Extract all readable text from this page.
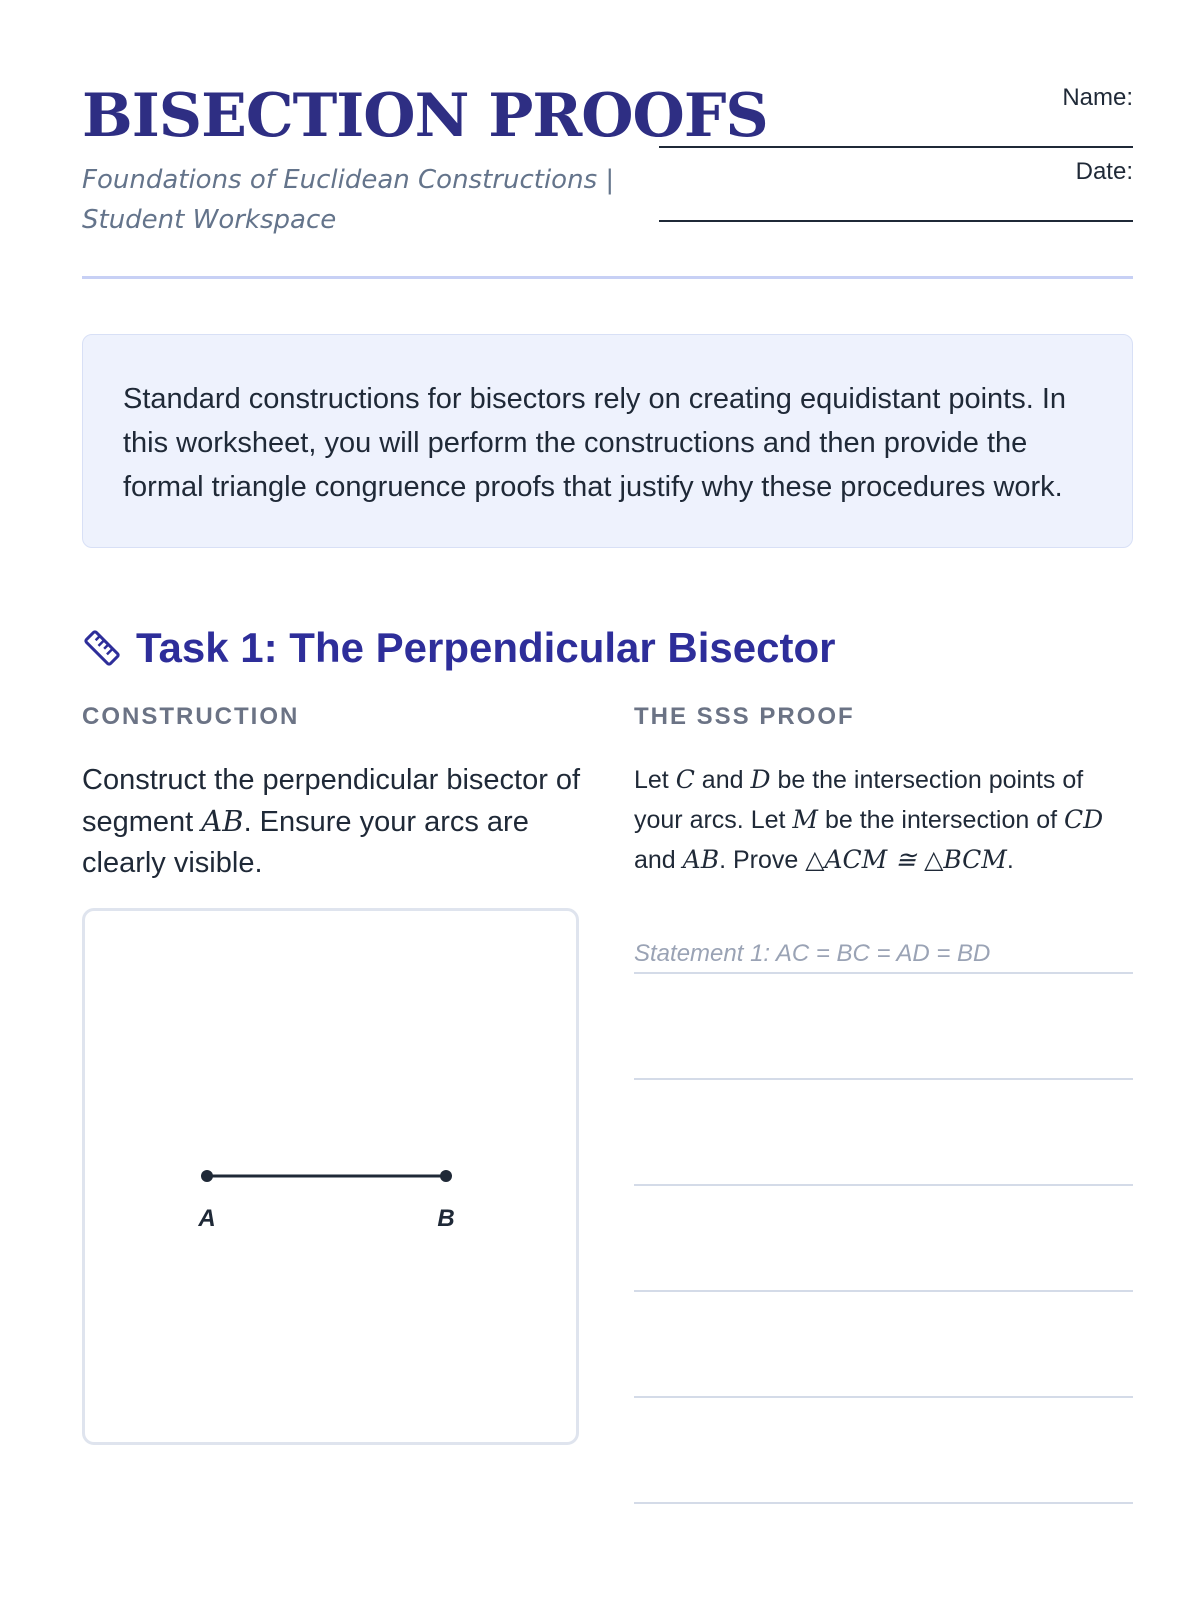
BISECTION PROOFS
Foundations of Euclidean Constructions | Student Workspace
Name:
Date:
Standard constructions for bisectors rely on creating equidistant points. In this worksheet, you will perform the constructions and then provide the formal triangle congruence proofs that justify why these procedures work.
Task 1: The Perpendicular Bisector
CONSTRUCTION	THE SSS PROOF
Construct the perpendicular bisector of segment AB. Ensure your arcs are clearly visible.
A	B
Let C and D be the intersection points of your arcs. Let M be the intersection of CD and AB. Prove △ACM ≅ △BCM.
Statement 1: AC = BC = AD = BD
